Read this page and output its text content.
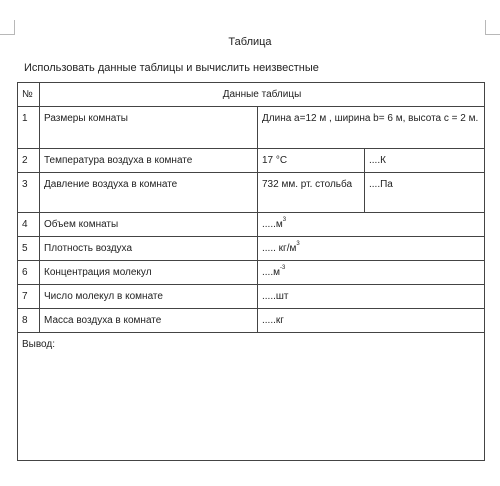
Таблица
Использовать данные таблицы и вычислить неизвестные
№	Данные таблицы		
1	Размеры комнаты	Длина а=12 м , ширина b= 6 м, высота с = 2 м.	
2	Температура воздуха в комнате	17 °С	....К
3	Давление воздуха в комнате	732 мм. рт. стольба	....Па
4	Объем комнаты	$.....м^3$
5	Плотность воздуха	..... $кг/м^3$
6	Концентрация молекул	$....м^{-3}$
7	Число молекул в комнате	.....шт	
8	Масса воздуха в комнате	.....кг	
Вывод:			
